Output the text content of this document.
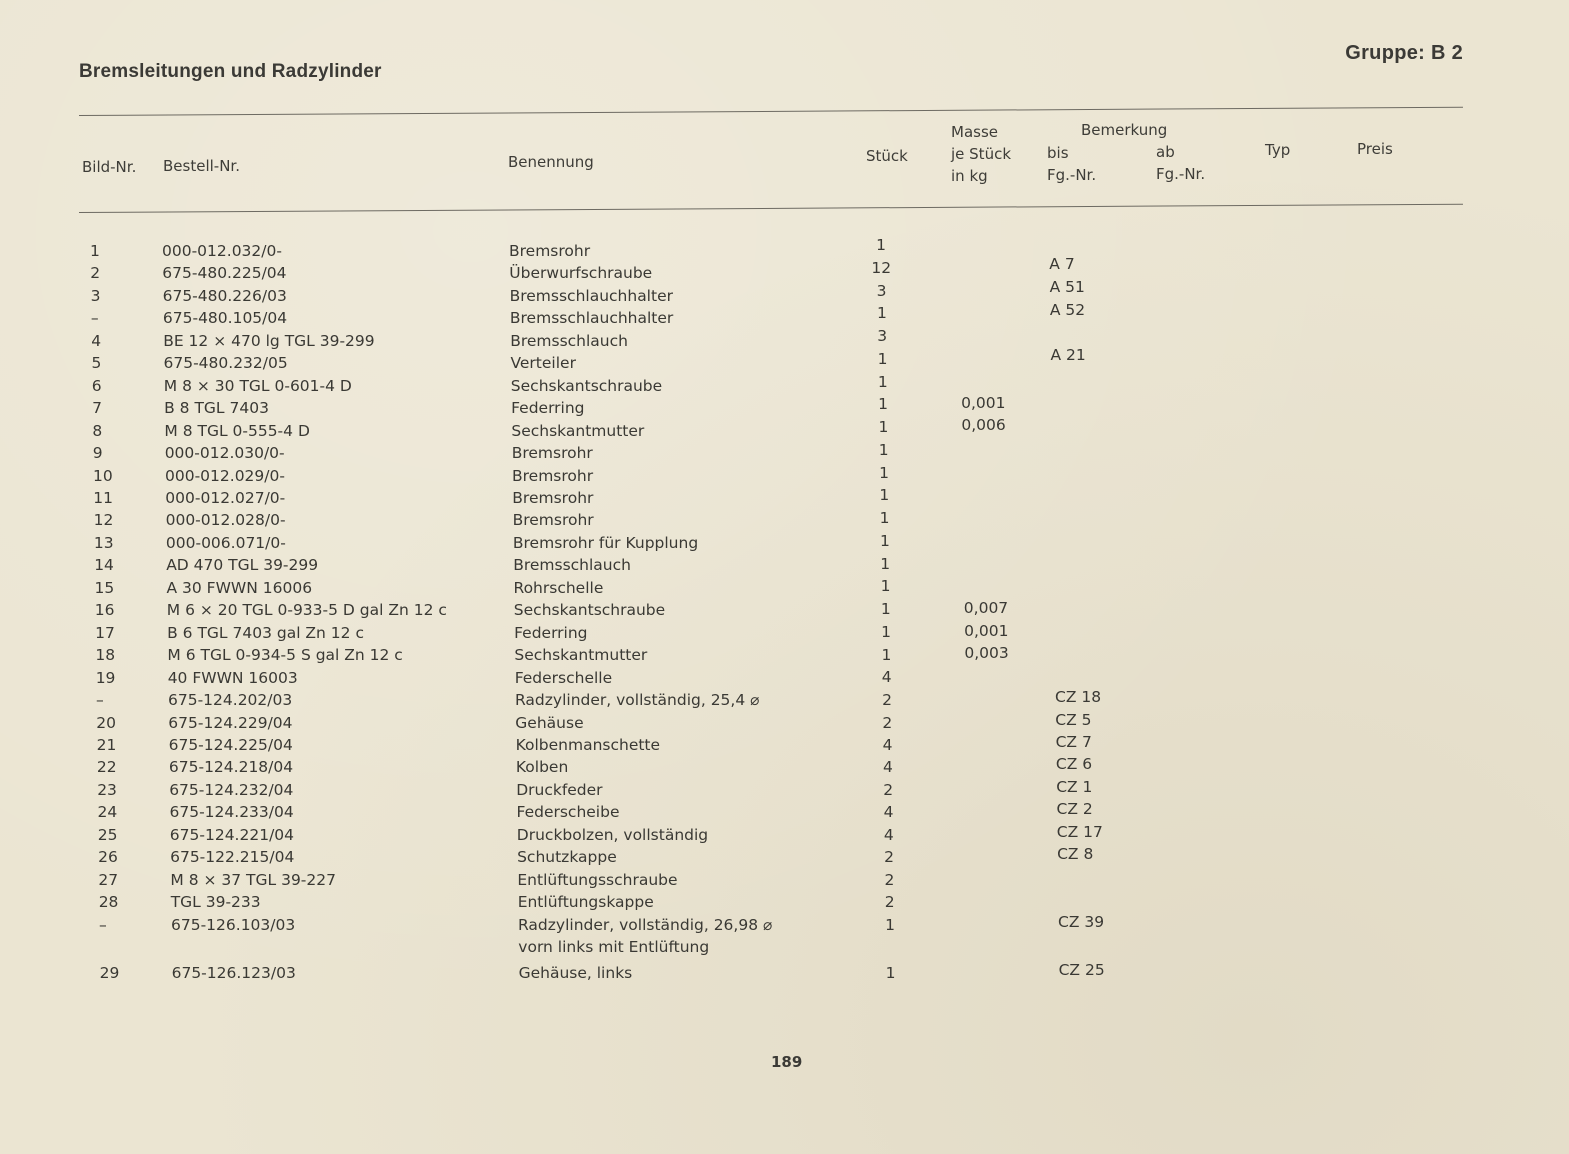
Bremsleitungen und Radzylinder
Gruppe: B 2
Bild-Nr. Bestell-Nr.	Benennung	Stück
Masse
je Stück
in kg
Bemerkung
bis
Fg.-Nr.
ab
Fg.-Nr.
Typ	Preis
1	000-012.032/0-	Bremsrohr	1
2	675-480.225/04	Überwurfschraube	12	A 7
3	675-480.226/03	Bremsschlauchhalter	3	A 51
–	675-480.105/04	Bremsschlauchhalter	1	A 52
4	BE 12 × 470 lg TGL 39-299	Bremsschlauch	3
5	675-480.232/05	Verteiler	1	A 21
6	M 8 × 30 TGL 0-601-4 D	Sechskantschraube	1
7	B 8 TGL 7403	Federring	1	0,001
8	M 8 TGL 0-555-4 D	Sechskantmutter	1	0,006
9	000-012.030/0-	Bremsrohr	1
10	000-012.029/0-	Bremsrohr	1
11	000-012.027/0-	Bremsrohr	1
12	000-012.028/0-	Bremsrohr	1
13	000-006.071/0-	Bremsrohr für Kupplung	1
14	AD 470 TGL 39-299	Bremsschlauch	1
15	A 30 FWWN 16006	Rohrschelle	1
16	M 6 × 20 TGL 0-933-5 D gal Zn 12 c	Sechskantschraube	1	0,007
17	B 6 TGL 7403 gal Zn 12 c	Federring	1	0,001
18	M 6 TGL 0-934-5 S gal Zn 12 c	Sechskantmutter	1	0,003
19	40 FWWN 16003	Federschelle	4
–	675-124.202/03	Radzylinder, vollständig, 25,4 ⌀	2	CZ 18
20	675-124.229/04	Gehäuse	2	CZ 5
21	675-124.225/04	Kolbenmanschette	4	CZ 7
22	675-124.218/04	Kolben	4	CZ 6
23	675-124.232/04	Druckfeder	2	CZ 1
24	675-124.233/04	Federscheibe	4	CZ 2
25	675-124.221/04	Druckbolzen, vollständig	4	CZ 17
26	675-122.215/04	Schutzkappe	2	CZ 8
27	M 8 × 37 TGL 39-227	Entlüftungsschraube	2
28	TGL 39-233	Entlüftungskappe	2
–	675-126.103/03	Radzylinder, vollständig, 26,98 ⌀	1	CZ 39
vorn links mit Entlüftung
29	675-126.123/03	Gehäuse, links	1	CZ 25
189
